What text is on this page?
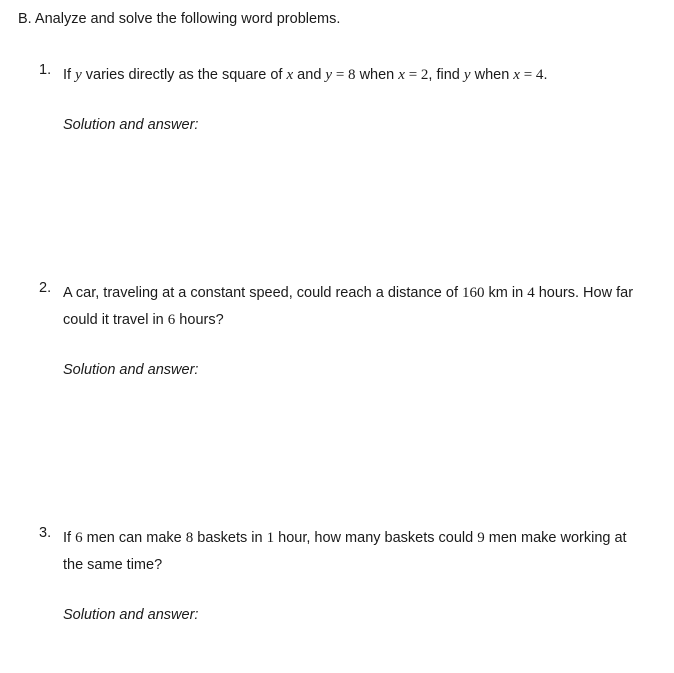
B. Analyze and solve the following word problems.
1. If y varies directly as the square of x and y = 8 when x = 2, find y when x = 4.
Solution and answer:
2. A car, traveling at a constant speed, could reach a distance of 160 km in 4 hours. How far could it travel in 6 hours?
Solution and answer:
3. If 6 men can make 8 baskets in 1 hour, how many baskets could 9 men make working at the same time?
Solution and answer:
